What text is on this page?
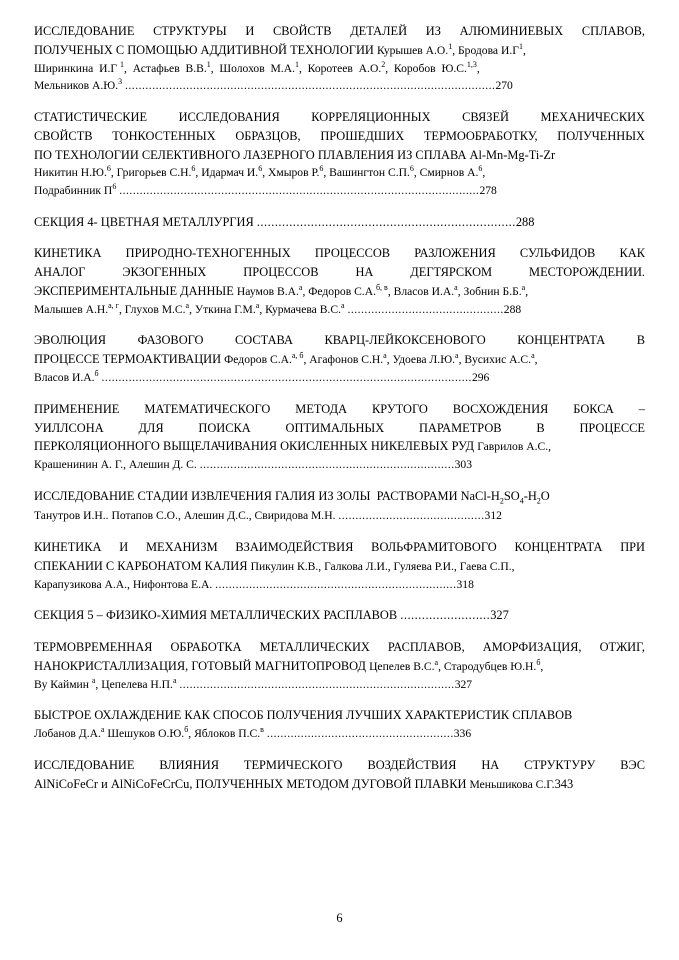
ИССЛЕДОВАНИЕ  СТРУКТУРЫ  И  СВОЙСТВ  ДЕТАЛЕЙ  ИЗ  АЛЮМИНИЕВЫХ  СПЛАВОВ,
ПОЛУЧЕНЫХ С ПОМОЩЬЮ АДДИТИВНОЙ ТЕХНОЛОГИИ Курышев А.О.$^1$, Бродова $И.Г^1$,
Ширинкина  И.Г $^1$,  Астафьев  В.В.$^1$,  Шолохов  М.А.$^1$,  Коротеев  А.О.$^2$,  Коробов  Ю.С.$^{1,3}$,
Мельников А.Ю.$^3$ .............................................................................................................270
СТАТИСТИЧЕСКИЕ  ИССЛЕДОВАНИЯ  КОРРЕЛЯЦИОННЫХ  СВЯЗЕЙ  МЕХАНИЧЕСКИХ
СВОЙСТВ ТОНКОСТЕННЫХ ОБРАЗЦОВ, ПРОШЕДШИХ ТЕРМООБРАБОТКУ, ПОЛУЧЕННЫХ
ПО ТЕХНОЛОГИИ СЕЛЕКТИВНОГО ЛАЗЕРНОГО ПЛАВЛЕНИЯ ИЗ СПЛАВА Al-Mn-Mg-Ti-Zr
Никитин Н.Ю.$^6$, Григорьев С.Н.$^6$, Идармач И.$^6$, Хмыров Р.$^6$, Вашингтон С.П.$^6$, Смирнов А.$^6$,
Подрабинник $П^6$ ..........................................................................................................278
СЕКЦИЯ 4- ЦВЕТНАЯ МЕТАЛЛУРГИЯ ........................................................................288
КИНЕТИКА ПРИРОДНО-ТЕХНОГЕННЫХ ПРОЦЕССОВ РАЗЛОЖЕНИЯ СУЛЬФИДОВ КАК
АНАЛОГ   ЭКЗОГЕННЫХ   ПРОЦЕССОВ   НА   ДЕГТЯРСКОМ   МЕСТОРОЖДЕНИИ.
ЭКСПЕРИМЕНТАЛЬНЫЕ ДАННЫЕ Наумов В.А.$^а$, Федоров С.А.$^{б, в}$, Власов И.А.$^а$, Зобнин Б.Б.$^а$,
Малышев А.Н.$^{а, г}$, Глухов М.С.$^а$, Уткина Г.М.$^а$, Курмачева В.С.$^а$ ..............................................288
ЭВОЛЮЦИЯ  ФАЗОВОГО  СОСТАВА  КВАРЦ-ЛЕЙКОКСЕНОВОГО  КОНЦЕНТРАТА  В
ПРОЦЕССЕ ТЕРМОАКТИВАЦИИ Федоров С.А.$^{а, б}$, Агафонов С.Н.$^а$, Удоева Л.Ю.$^а$, Вусихис А.С.$^а$,
Власов И.А.$^б$ .............................................................................................................296
ПРИМЕНЕНИЕ  МАТЕМАТИЧЕСКОГО  МЕТОДА  КРУТОГО  ВОСХОЖДЕНИЯ  БОКСА  –
УИЛЛСОНА    ДЛЯ    ПОИСКА    ОПТИМАЛЬНЫХ    ПАРАМЕТРОВ    В    ПРОЦЕССЕ
ПЕРКОЛЯЦИОННОГО ВЫЩЕЛАЧИВАНИЯ ОКИСЛЕННЫХ НИКЕЛЕВЫХ РУД Гаврилов А.С.,
Крашенинин А. Г., Алешин Д. С. ...........................................................................303
ИССЛЕДОВАНИЕ СТАДИИ ИЗВЛЕЧЕНИЯ ГАЛИЯ ИЗ ЗОЛЫ  РАСТВОРАМИ NaCl-$H_2SO_4-H_2O$
Танутров И.Н.. Потапов С.О., Алешин Д.С., Свиридова М.Н. ...........................................312
КИНЕТИКА И МЕХАНИЗМ ВЗАИМОДЕЙСТВИЯ ВОЛЬФРАМИТОВОГО КОНЦЕНТРАТА ПРИ
СПЕКАНИИ С КАРБОНАТОМ КАЛИЯ Пикулин К.В., Галкова Л.И., Гуляева Р.И., Гаева С.П.,
Карапузикова А.А., Нифонтова Е.А. .......................................................................318
СЕКЦИЯ 5 – ФИЗИКО-ХИМИЯ МЕТАЛЛИЧЕСКИХ РАСПЛАВОВ .........................327
ТЕРМОВРЕМЕННАЯ ОБРАБОТКА МЕТАЛЛИЧЕСКИХ РАСПЛАВОВ, АМОРФИЗАЦИЯ, ОТЖИГ,
НАНОКРИСТАЛЛИЗАЦИЯ, ГОТОВЫЙ МАГНИТОПРОВОД Цепелев В.С.$^а$, Стародубцев Ю.Н.$^б$,
Ву Каймин $^а$, Цепелева Н.П.$^а$ .................................................................................327
БЫСТРОЕ ОХЛАЖДЕНИЕ КАК СПОСОБ ПОЛУЧЕНИЯ ЛУЧШИХ ХАРАКТЕРИСТИК СПЛАВОВ
Лобанов Д.А.$^а$ Шешуков О.Ю.$^б$, Яблоков П.С.$^в$ .......................................................336
ИССЛЕДОВАНИЕ  ВЛИЯНИЯ  ТЕРМИЧЕСКОГО  ВОЗДЕЙСТВИЯ  НА  СТРУКТУРУ  ВЭС
AlNiCoFeCr и AlNiCoFeCrCu, ПОЛУЧЕННЫХ МЕТОДОМ ДУГОВОЙ ПЛАВКИ Меньшикова С.Г.343
6
